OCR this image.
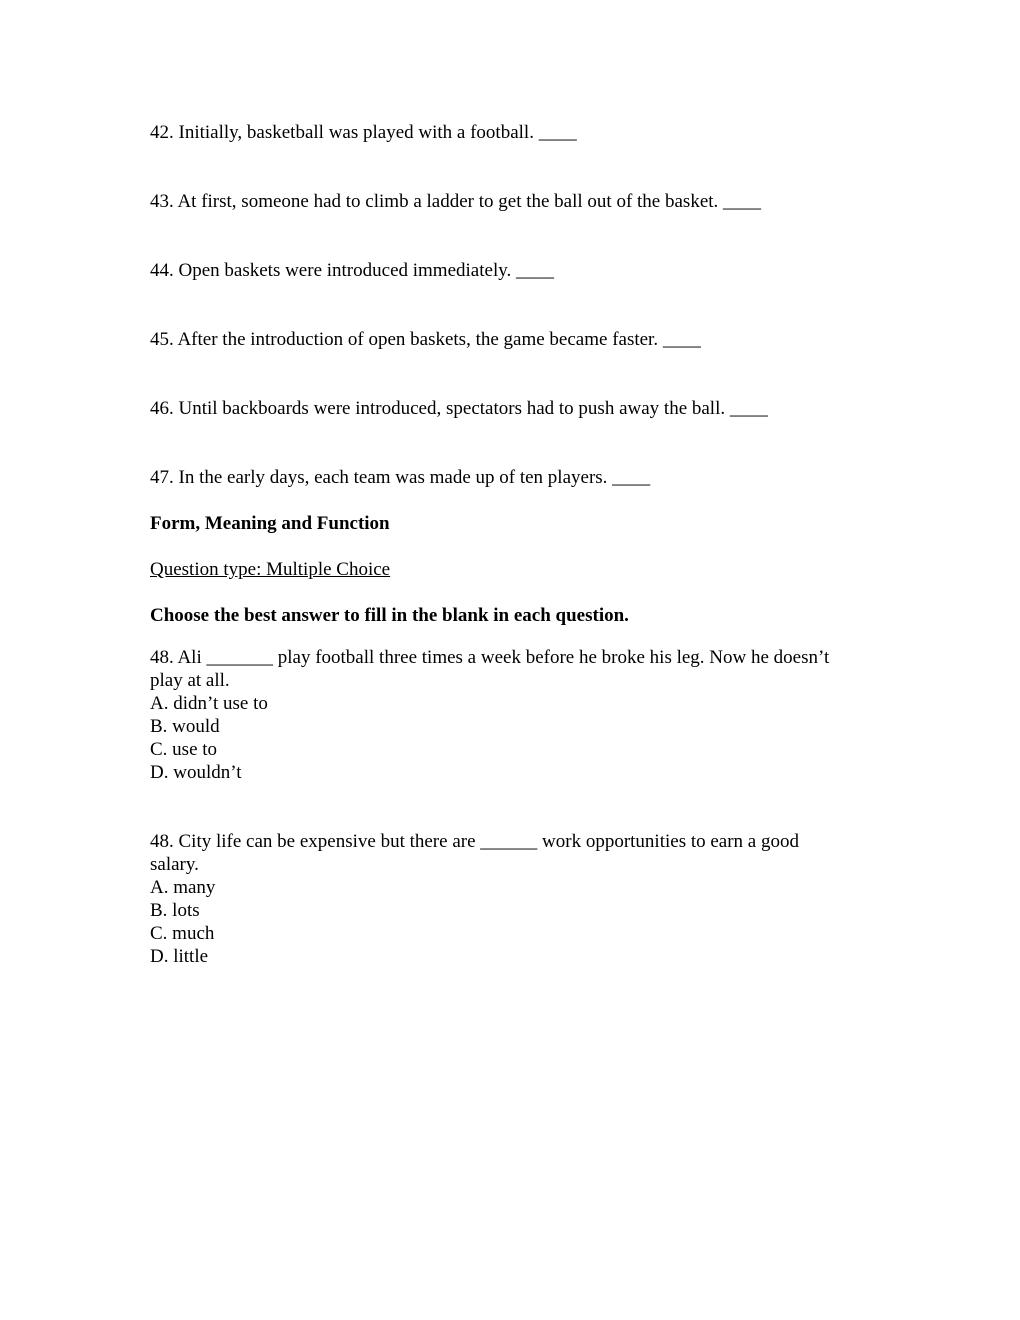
42. Initially, basketball was played with a football. ____
43. At first, someone had to climb a ladder to get the ball out of the basket. ____
44. Open baskets were introduced immediately. ____
45. After the introduction of open baskets, the game became faster. ____
46. Until backboards were introduced, spectators had to push away the ball. ____
47. In the early days, each team was made up of ten players. ____
Form, Meaning and Function
Question type: Multiple Choice
Choose the best answer to fill in the blank in each question.
48. Ali _______ play football three times a week before he broke his leg. Now he doesn’t
play at all.
A. didn’t use to
B. would
C. use to
D. wouldn’t
48. City life can be expensive but there are ______ work opportunities to earn a good
salary.
A. many
B. lots
C. much
D. little
